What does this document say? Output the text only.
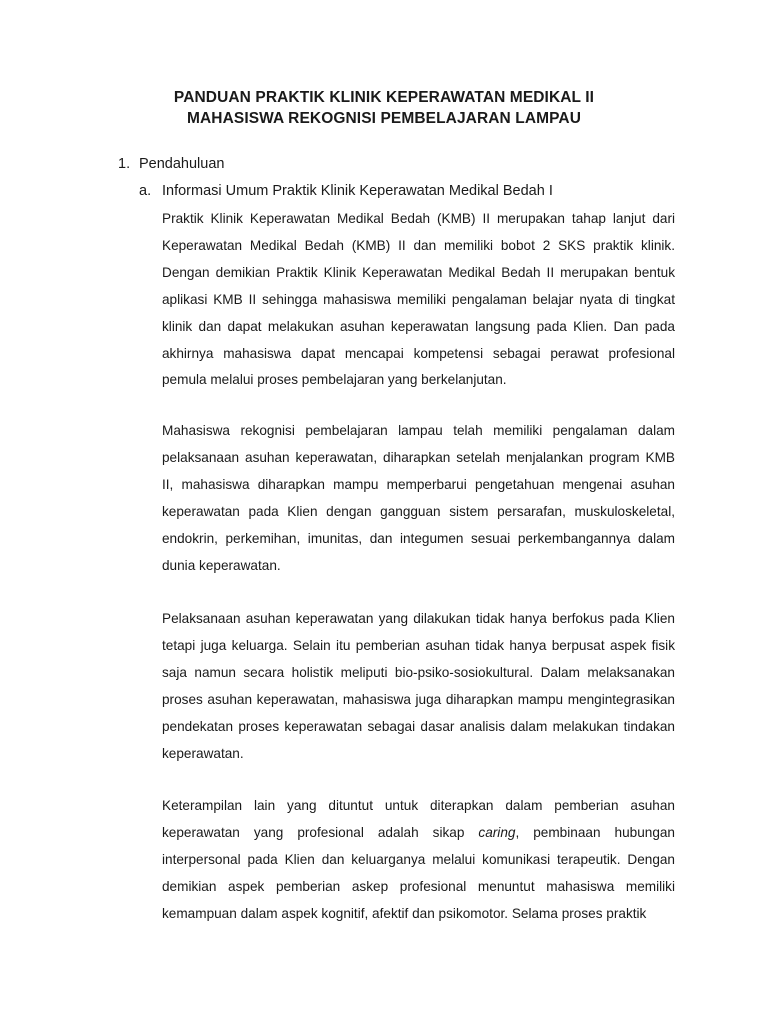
PANDUAN PRAKTIK KLINIK KEPERAWATAN MEDIKAL II
MAHASISWA REKOGNISI PEMBELAJARAN LAMPAU
1. Pendahuluan
a. Informasi Umum Praktik Klinik Keperawatan Medikal Bedah I

Praktik Klinik Keperawatan Medikal Bedah (KMB) II merupakan tahap lanjut dari Keperawatan Medikal Bedah (KMB) II dan memiliki bobot 2 SKS praktik klinik. Dengan demikian Praktik Klinik Keperawatan Medikal Bedah II merupakan bentuk aplikasi KMB II sehingga mahasiswa memiliki pengalaman belajar nyata di tingkat klinik dan dapat melakukan asuhan keperawatan langsung pada Klien. Dan pada akhirnya mahasiswa dapat mencapai kompetensi sebagai perawat profesional pemula melalui proses pembelajaran yang berkelanjutan.

Mahasiswa rekognisi pembelajaran lampau telah memiliki pengalaman dalam pelaksanaan asuhan keperawatan, diharapkan setelah menjalankan program KMB II, mahasiswa diharapkan mampu memperbarui pengetahuan mengenai asuhan keperawatan pada Klien dengan gangguan sistem persarafan, muskuloskeletal, endokrin, perkemihan, imunitas, dan integumen sesuai perkembangannya dalam dunia keperawatan.

Pelaksanaan asuhan keperawatan yang dilakukan tidak hanya berfokus pada Klien tetapi juga keluarga. Selain itu pemberian asuhan tidak hanya berpusat aspek fisik saja namun secara holistik meliputi bio-psiko-sosiokultural. Dalam melaksanakan proses asuhan keperawatan, mahasiswa juga diharapkan mampu mengintegrasikan pendekatan proses keperawatan sebagai dasar analisis dalam melakukan tindakan keperawatan.

Keterampilan lain yang dituntut untuk diterapkan dalam pemberian asuhan keperawatan yang profesional adalah sikap caring, pembinaan hubungan interpersonal pada Klien dan keluarganya melalui komunikasi terapeutik. Dengan demikian aspek pemberian askep profesional menuntut mahasiswa memiliki kemampuan dalam aspek kognitif, afektif dan psikomotor. Selama proses praktik
